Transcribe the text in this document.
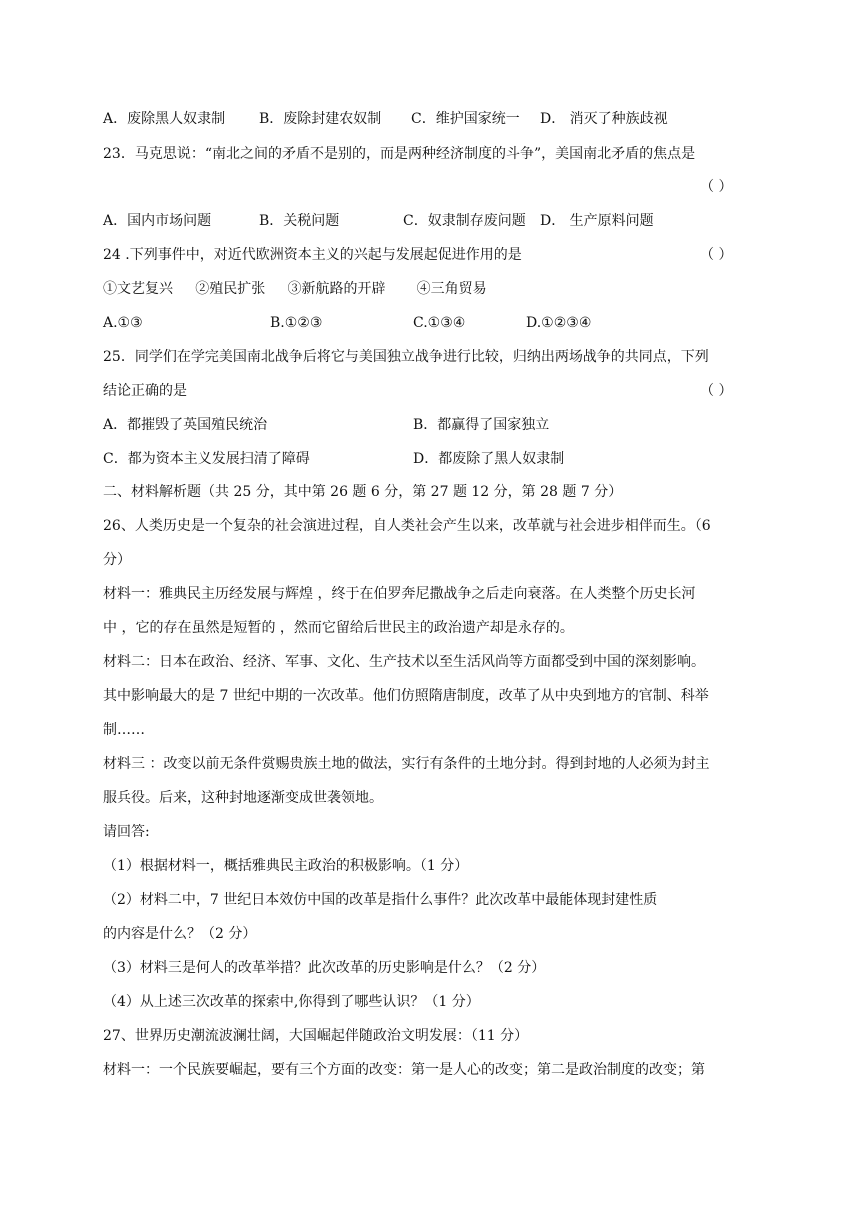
A．废除黑人奴隶制 B．废除封建农奴制 C．维护国家统一 D． 消灭了种族歧视
23．马克思说：“南北之间的矛盾不是别的，而是两种经济制度的斗争”，美国南北矛盾的焦点是
（ ）
A．国内市场问题	B．关税问题	C．奴隶制存废问题 D． 生产原料问题
24 .下列事件中，对近代欧洲资本主义的兴起与发展起促进作用的是	（ ）
①文艺复兴     ②殖民扩张     ③新航路的开辟       ④三角贸易
A.①③	B.①②③	C.①③④	D.①②③④
25．同学们在学完美国南北战争后将它与美国独立战争进行比较，归纳出两场战争的共同点，下列
结论正确的是	（ ）
A．都摧毁了英国殖民统治	B．都赢得了国家独立
C．都为资本主义发展扫清了障碍	D．都废除了黑人奴隶制
二、材料解析题（共 25 分，其中第 26 题 6 分，第 27 题 12 分，第 28 题 7 分）
26、人类历史是一个复杂的社会演进过程，自人类社会产生以来，改革就与社会进步相伴而生。（6
分）
材料一：雅典民主历经发展与辉煌 ，终于在伯罗奔尼撒战争之后走向衰落。在人类整个历史长河
中 ，它的存在虽然是短暂的 ，然而它留给后世民主的政治遗产却是永存的。
材料二：日本在政治、经济、军事、文化、生产技术以至生活风尚等方面都受到中国的深刻影响。
其中影响最大的是 7 世纪中期的一次改革。他们仿照隋唐制度，改革了从中央到地方的官制、科举
制……
材料三 ：改变以前无条件赏赐贵族土地的做法，实行有条件的土地分封。得到封地的人必须为封主
服兵役。后来，这种封地逐渐变成世袭领地。
请回答:
（1）根据材料一，概括雅典民主政治的积极影响。（1 分）
（2）材料二中，7 世纪日本效仿中国的改革是指什么事件？此次改革中最能体现封建性质
的内容是什么？（2 分）
（3）材料三是何人的改革举措？此次改革的历史影响是什么？（2 分）
（4）从上述三次改革的探索中,你得到了哪些认识？（1 分）
27、世界历史潮流波澜壮阔，大国崛起伴随政治文明发展：（11 分）
材料一：一个民族要崛起，要有三个方面的改变：第一是人心的改变；第二是政治制度的改变；第
